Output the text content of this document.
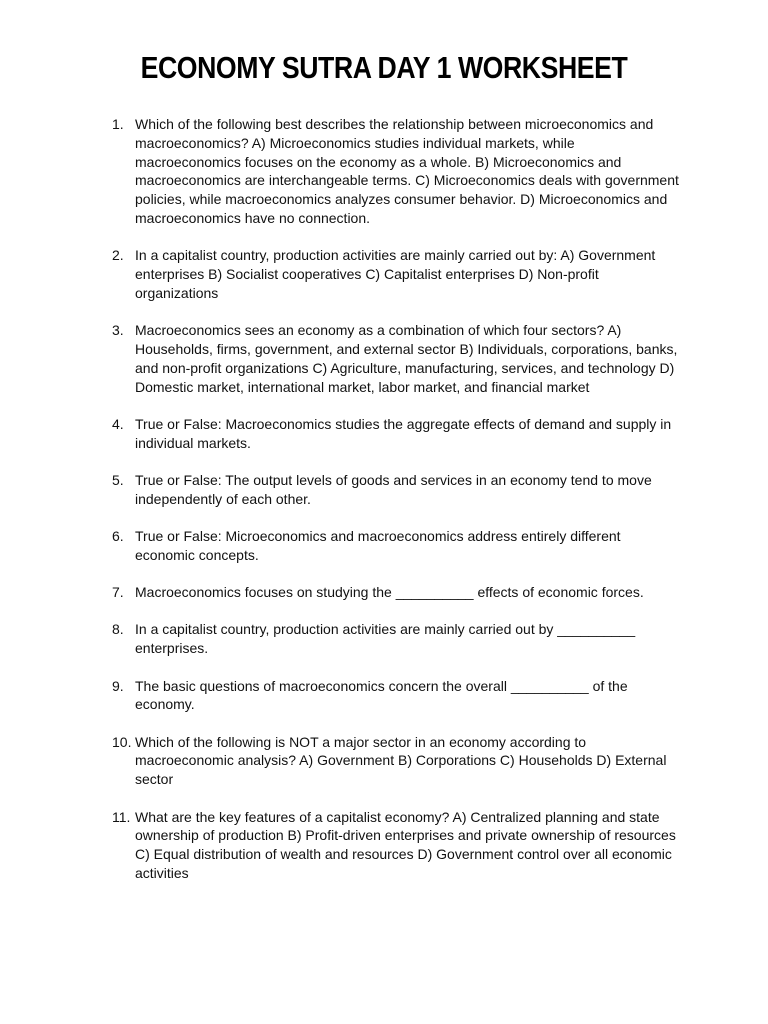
ECONOMY SUTRA DAY 1 WORKSHEET
1. Which of the following best describes the relationship between microeconomics and macroeconomics? A) Microeconomics studies individual markets, while macroeconomics focuses on the economy as a whole. B) Microeconomics and macroeconomics are interchangeable terms. C) Microeconomics deals with government policies, while macroeconomics analyzes consumer behavior. D) Microeconomics and macroeconomics have no connection.
2. In a capitalist country, production activities are mainly carried out by: A) Government enterprises B) Socialist cooperatives C) Capitalist enterprises D) Non-profit organizations
3. Macroeconomics sees an economy as a combination of which four sectors? A) Households, firms, government, and external sector B) Individuals, corporations, banks, and non-profit organizations C) Agriculture, manufacturing, services, and technology D) Domestic market, international market, labor market, and financial market
4. True or False: Macroeconomics studies the aggregate effects of demand and supply in individual markets.
5. True or False: The output levels of goods and services in an economy tend to move independently of each other.
6. True or False: Microeconomics and macroeconomics address entirely different economic concepts.
7. Macroeconomics focuses on studying the __________ effects of economic forces.
8. In a capitalist country, production activities are mainly carried out by __________ enterprises.
9. The basic questions of macroeconomics concern the overall __________ of the economy.
10. Which of the following is NOT a major sector in an economy according to macroeconomic analysis? A) Government B) Corporations C) Households D) External sector
11. What are the key features of a capitalist economy? A) Centralized planning and state ownership of production B) Profit-driven enterprises and private ownership of resources C) Equal distribution of wealth and resources D) Government control over all economic activities
